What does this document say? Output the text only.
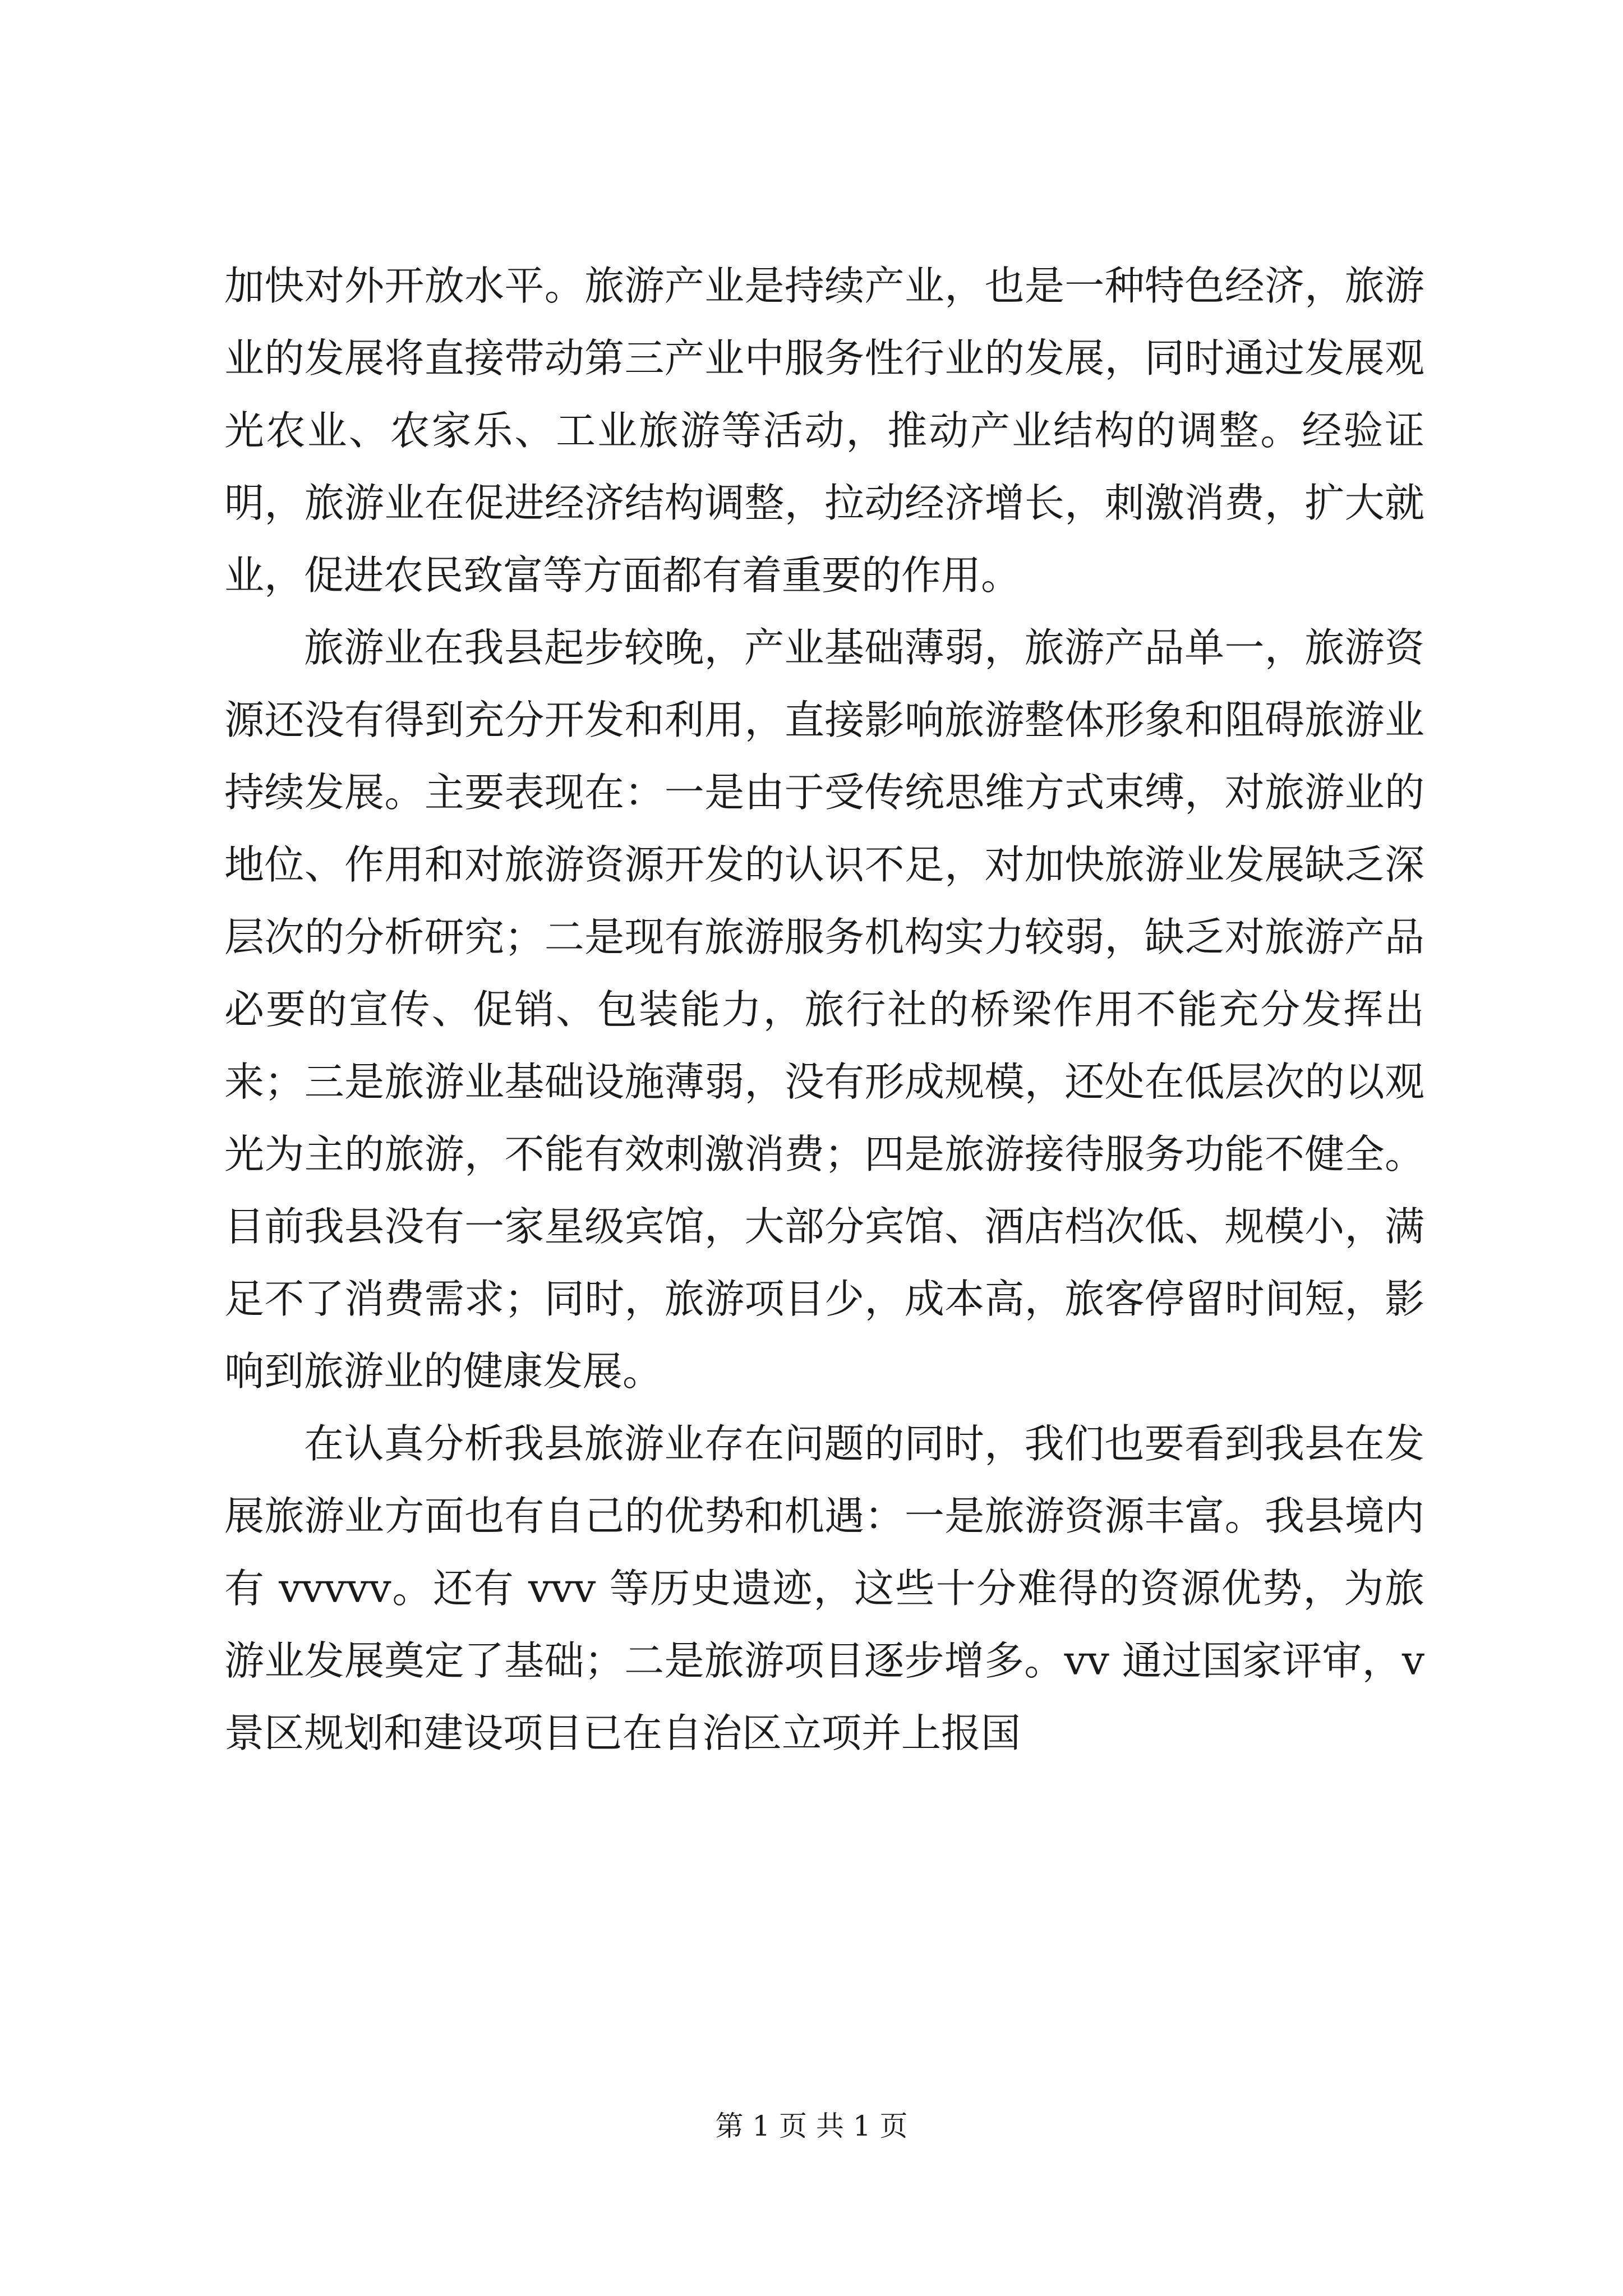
加快对外开放水平。旅游产业是持续产业，也是一种特色经济，旅游业的发展将直接带动第三产业中服务性行业的发展，同时通过发展观光农业、农家乐、工业旅游等活动，推动产业结构的调整。经验证明，旅游业在促进经济结构调整，拉动经济增长，刺激消费，扩大就业，促进农民致富等方面都有着重要的作用。

旅游业在我县起步较晚，产业基础薄弱，旅游产品单一，旅游资源还没有得到充分开发和利用，直接影响旅游整体形象和阻碍旅游业持续发展。主要表现在：一是由于受传统思维方式束缚，对旅游业的地位、作用和对旅游资源开发的认识不足，对加快旅游业发展缺乏深层次的分析研究；二是现有旅游服务机构实力较弱，缺乏对旅游产品必要的宣传、促销、包装能力，旅行社的桥梁作用不能充分发挥出来；三是旅游业基础设施薄弱，没有形成规模，还处在低层次的以观光为主的旅游，不能有效刺激消费；四是旅游接待服务功能不健全。目前我县没有一家星级宾馆，大部分宾馆、酒店档次低、规模小，满足不了消费需求；同时，旅游项目少，成本高，旅客停留时间短，影响到旅游业的健康发展。

在认真分析我县旅游业存在问题的同时，我们也要看到我县在发展旅游业方面也有自己的优势和机遇：一是旅游资源丰富。我县境内有 vvvvv。还有 vvv 等历史遗迹，这些十分难得的资源优势，为旅游业发展奠定了基础；二是旅游项目逐步增多。vv 通过国家评审，v 景区规划和建设项目已在自治区立项并上报国

第 1 页 共 1 页
